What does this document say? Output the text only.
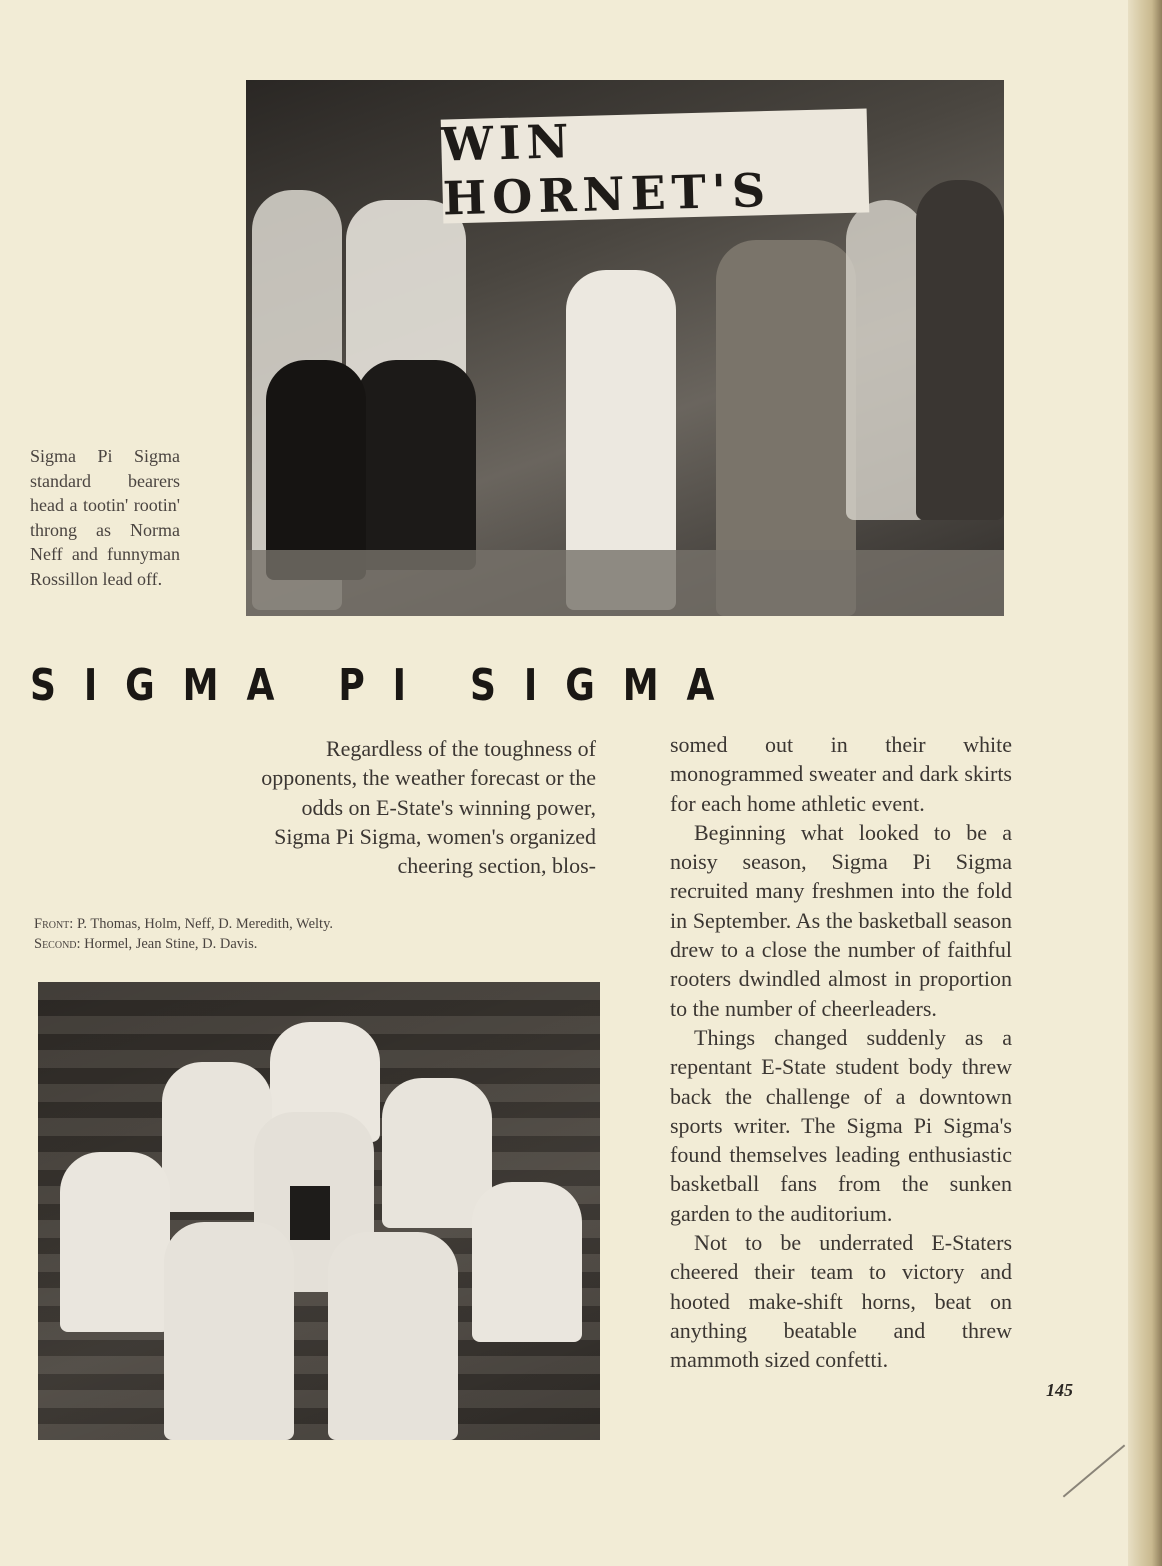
WIN HORNET'S
Sigma Pi Sigma standard bearers head a tootin' rootin' throng as Norma Neff and funnyman Rossillon lead off.
SIGMA PI SIGMA
Regardless of the toughness of opponents, the weather forecast or the odds on E-State's winning power, Sigma Pi Sigma, women's organized cheering section, blos-

somed out in their white monogrammed sweater and dark skirts for each home athletic event.

Beginning what looked to be a noisy season, Sigma Pi Sigma recruited many freshmen into the fold in September. As the basketball season drew to a close the number of faithful rooters dwindled almost in proportion to the number of cheerleaders.

Things changed suddenly as a repentant E-State student body threw back the challenge of a downtown sports writer. The Sigma Pi Sigma's found themselves leading enthusiastic basketball fans from the sunken garden to the auditorium.

Not to be underrated E-Staters cheered their team to victory and hooted make-shift horns, beat on anything beatable and threw mammoth sized confetti.

Front: P. Thomas, Holm, Neff, D. Meredith, Welty.
Second: Hormel, Jean Stine, D. Davis.
145
